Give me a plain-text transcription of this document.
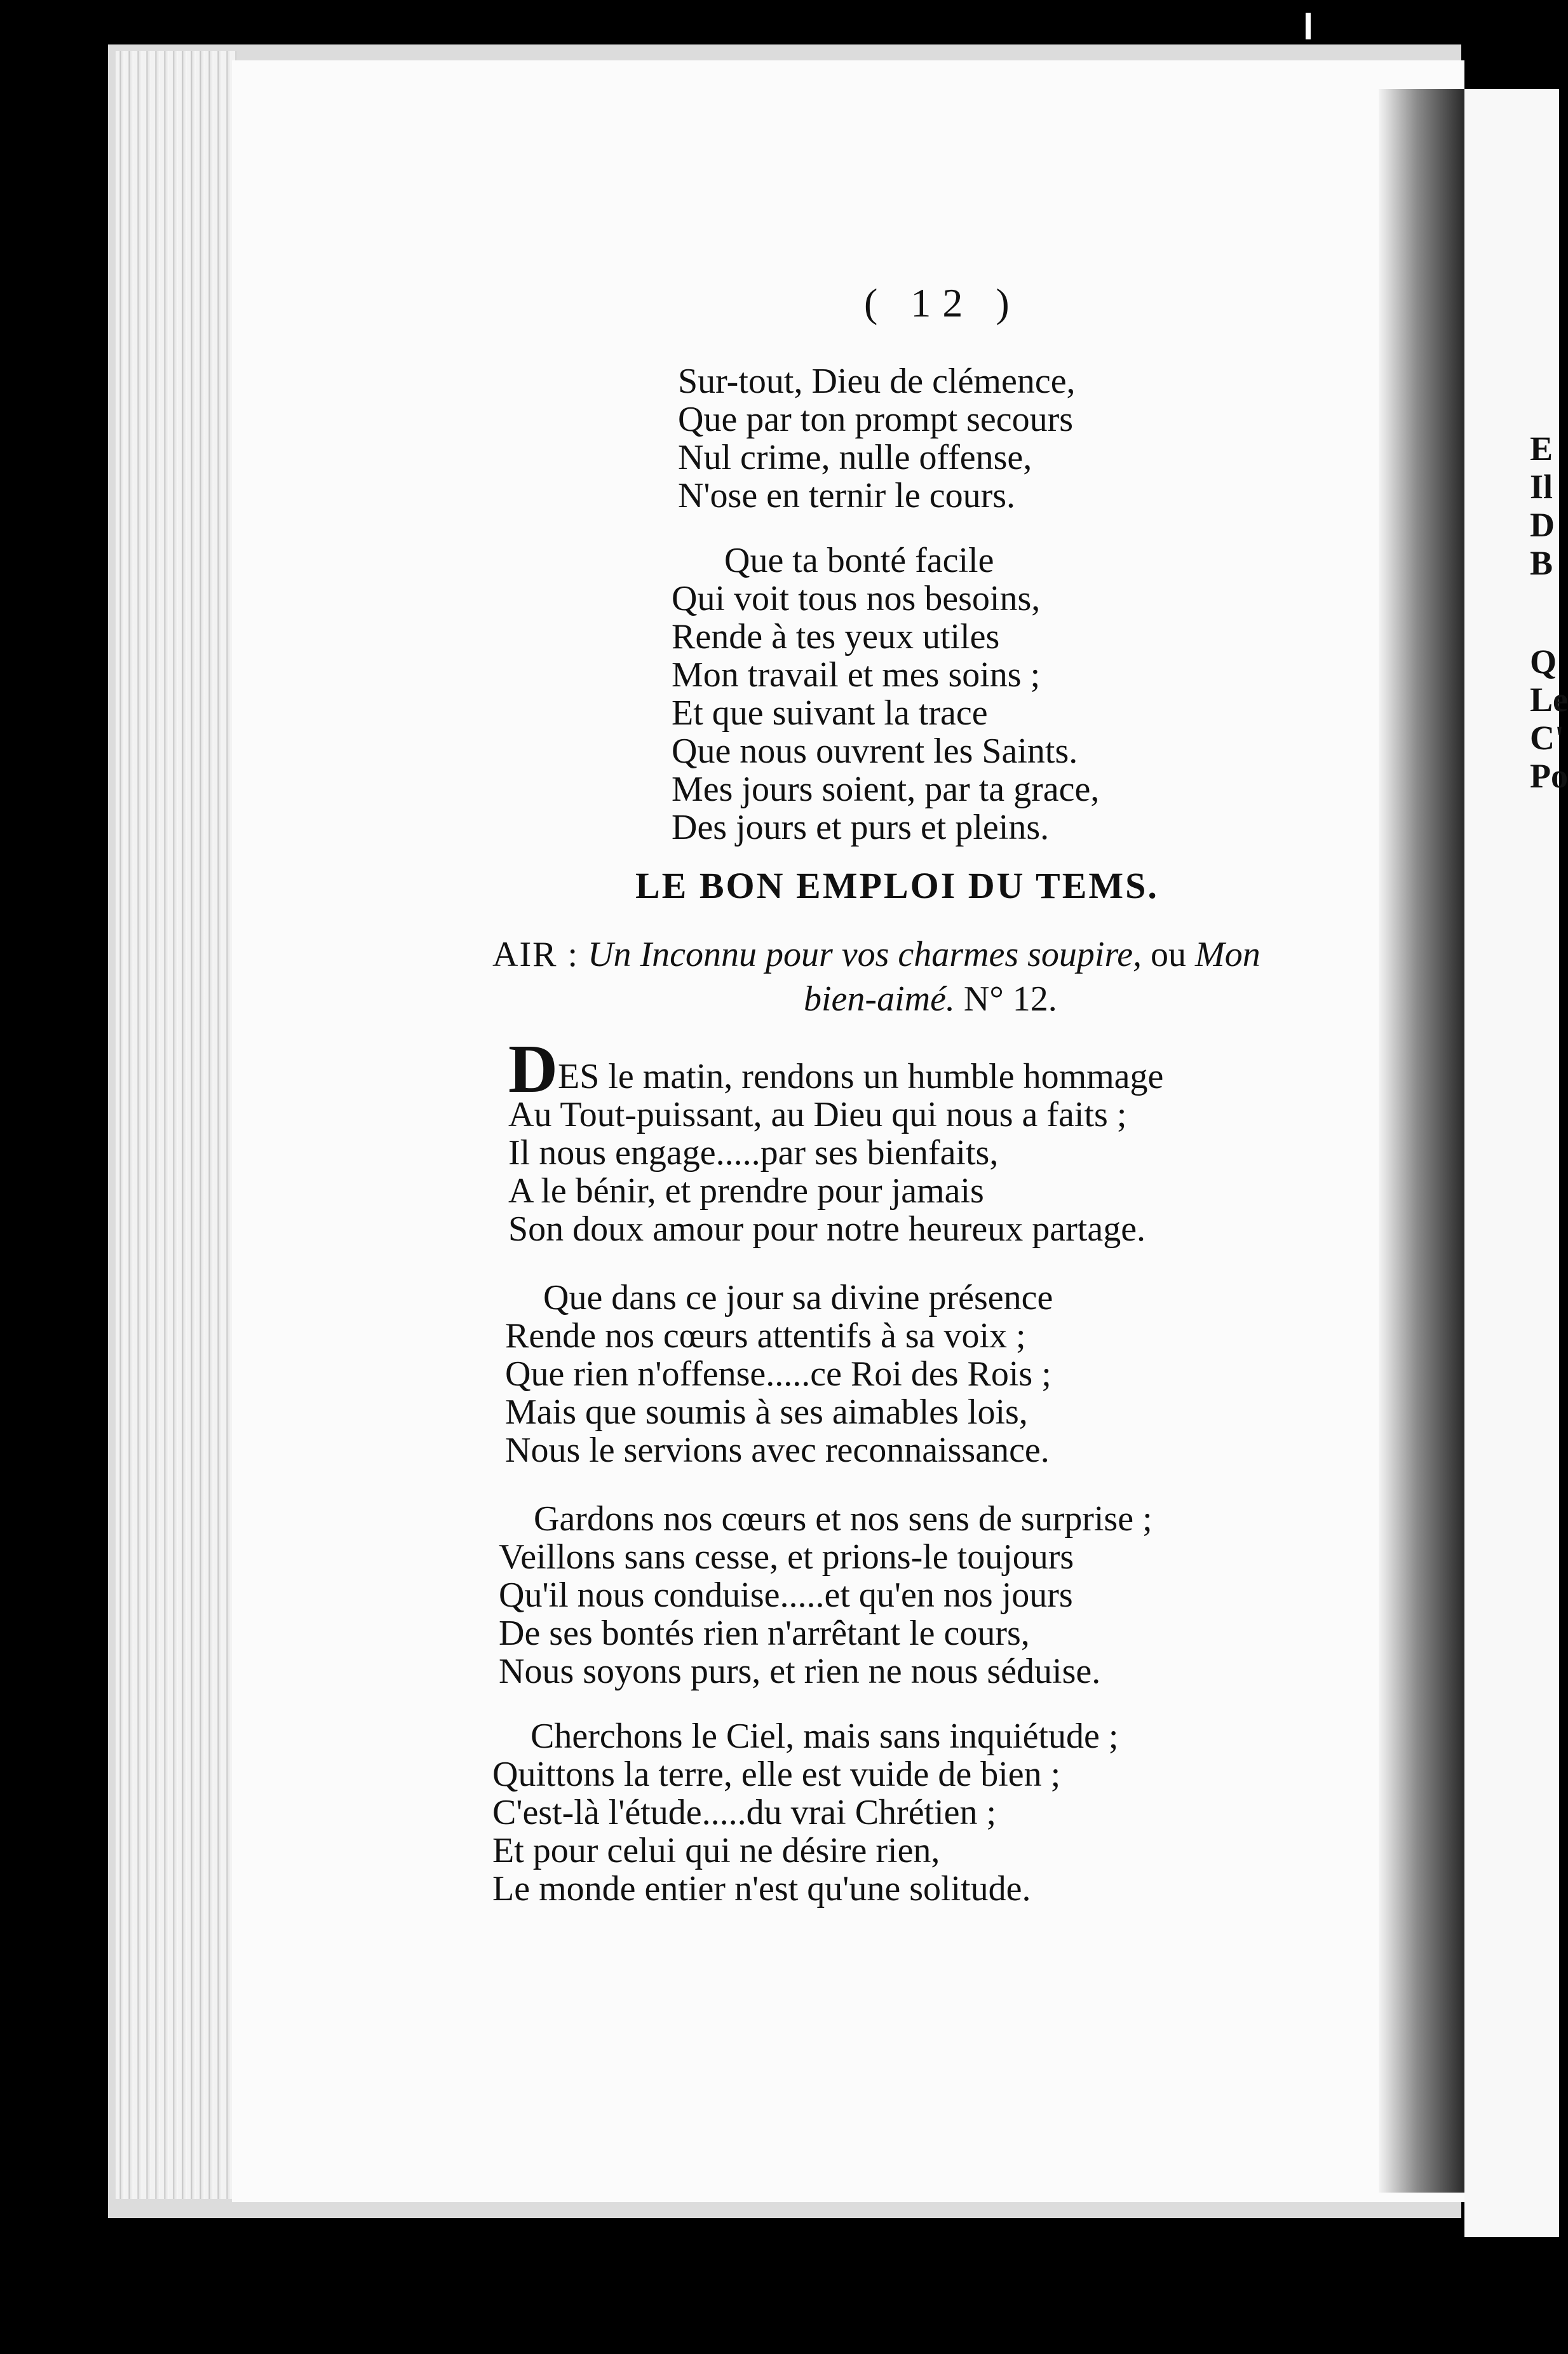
E
Il
D
B
Q
Le
C'
Po
( 12 )
Sur-tout, Dieu de clémence,
Que par ton prompt secours
Nul crime, nulle offense,
N'ose en ternir le cours.
Que ta bonté facile
Qui voit tous nos besoins,
Rende à tes yeux utiles
Mon travail et mes soins ;
Et que suivant la trace
Que nous ouvrent les Saints.
Mes jours soient, par ta grace,
Des jours et purs et pleins.
LE BON EMPLOI DU TEMS.
AIR : Un Inconnu pour vos charmes soupire, ou Mon
bien-aimé. N° 12.
DES le matin, rendons un humble hommage
Au Tout-puissant, au Dieu qui nous a faits ;
Il nous engage.....par ses bienfaits,
A le bénir, et prendre pour jamais
Son doux amour pour notre heureux partage.
Que dans ce jour sa divine présence
Rende nos cœurs attentifs à sa voix ;
Que rien n'offense.....ce Roi des Rois ;
Mais que soumis à ses aimables lois,
Nous le servions avec reconnaissance.
Gardons nos cœurs et nos sens de surprise ;
Veillons sans cesse, et prions-le toujours
Qu'il nous conduise.....et qu'en nos jours
De ses bontés rien n'arrêtant le cours,
Nous soyons purs, et rien ne nous séduise.
Cherchons le Ciel, mais sans inquiétude ;
Quittons la terre, elle est vuide de bien ;
C'est-là l'étude.....du vrai Chrétien ;
Et pour celui qui ne désire rien,
Le monde entier n'est qu'une solitude.
